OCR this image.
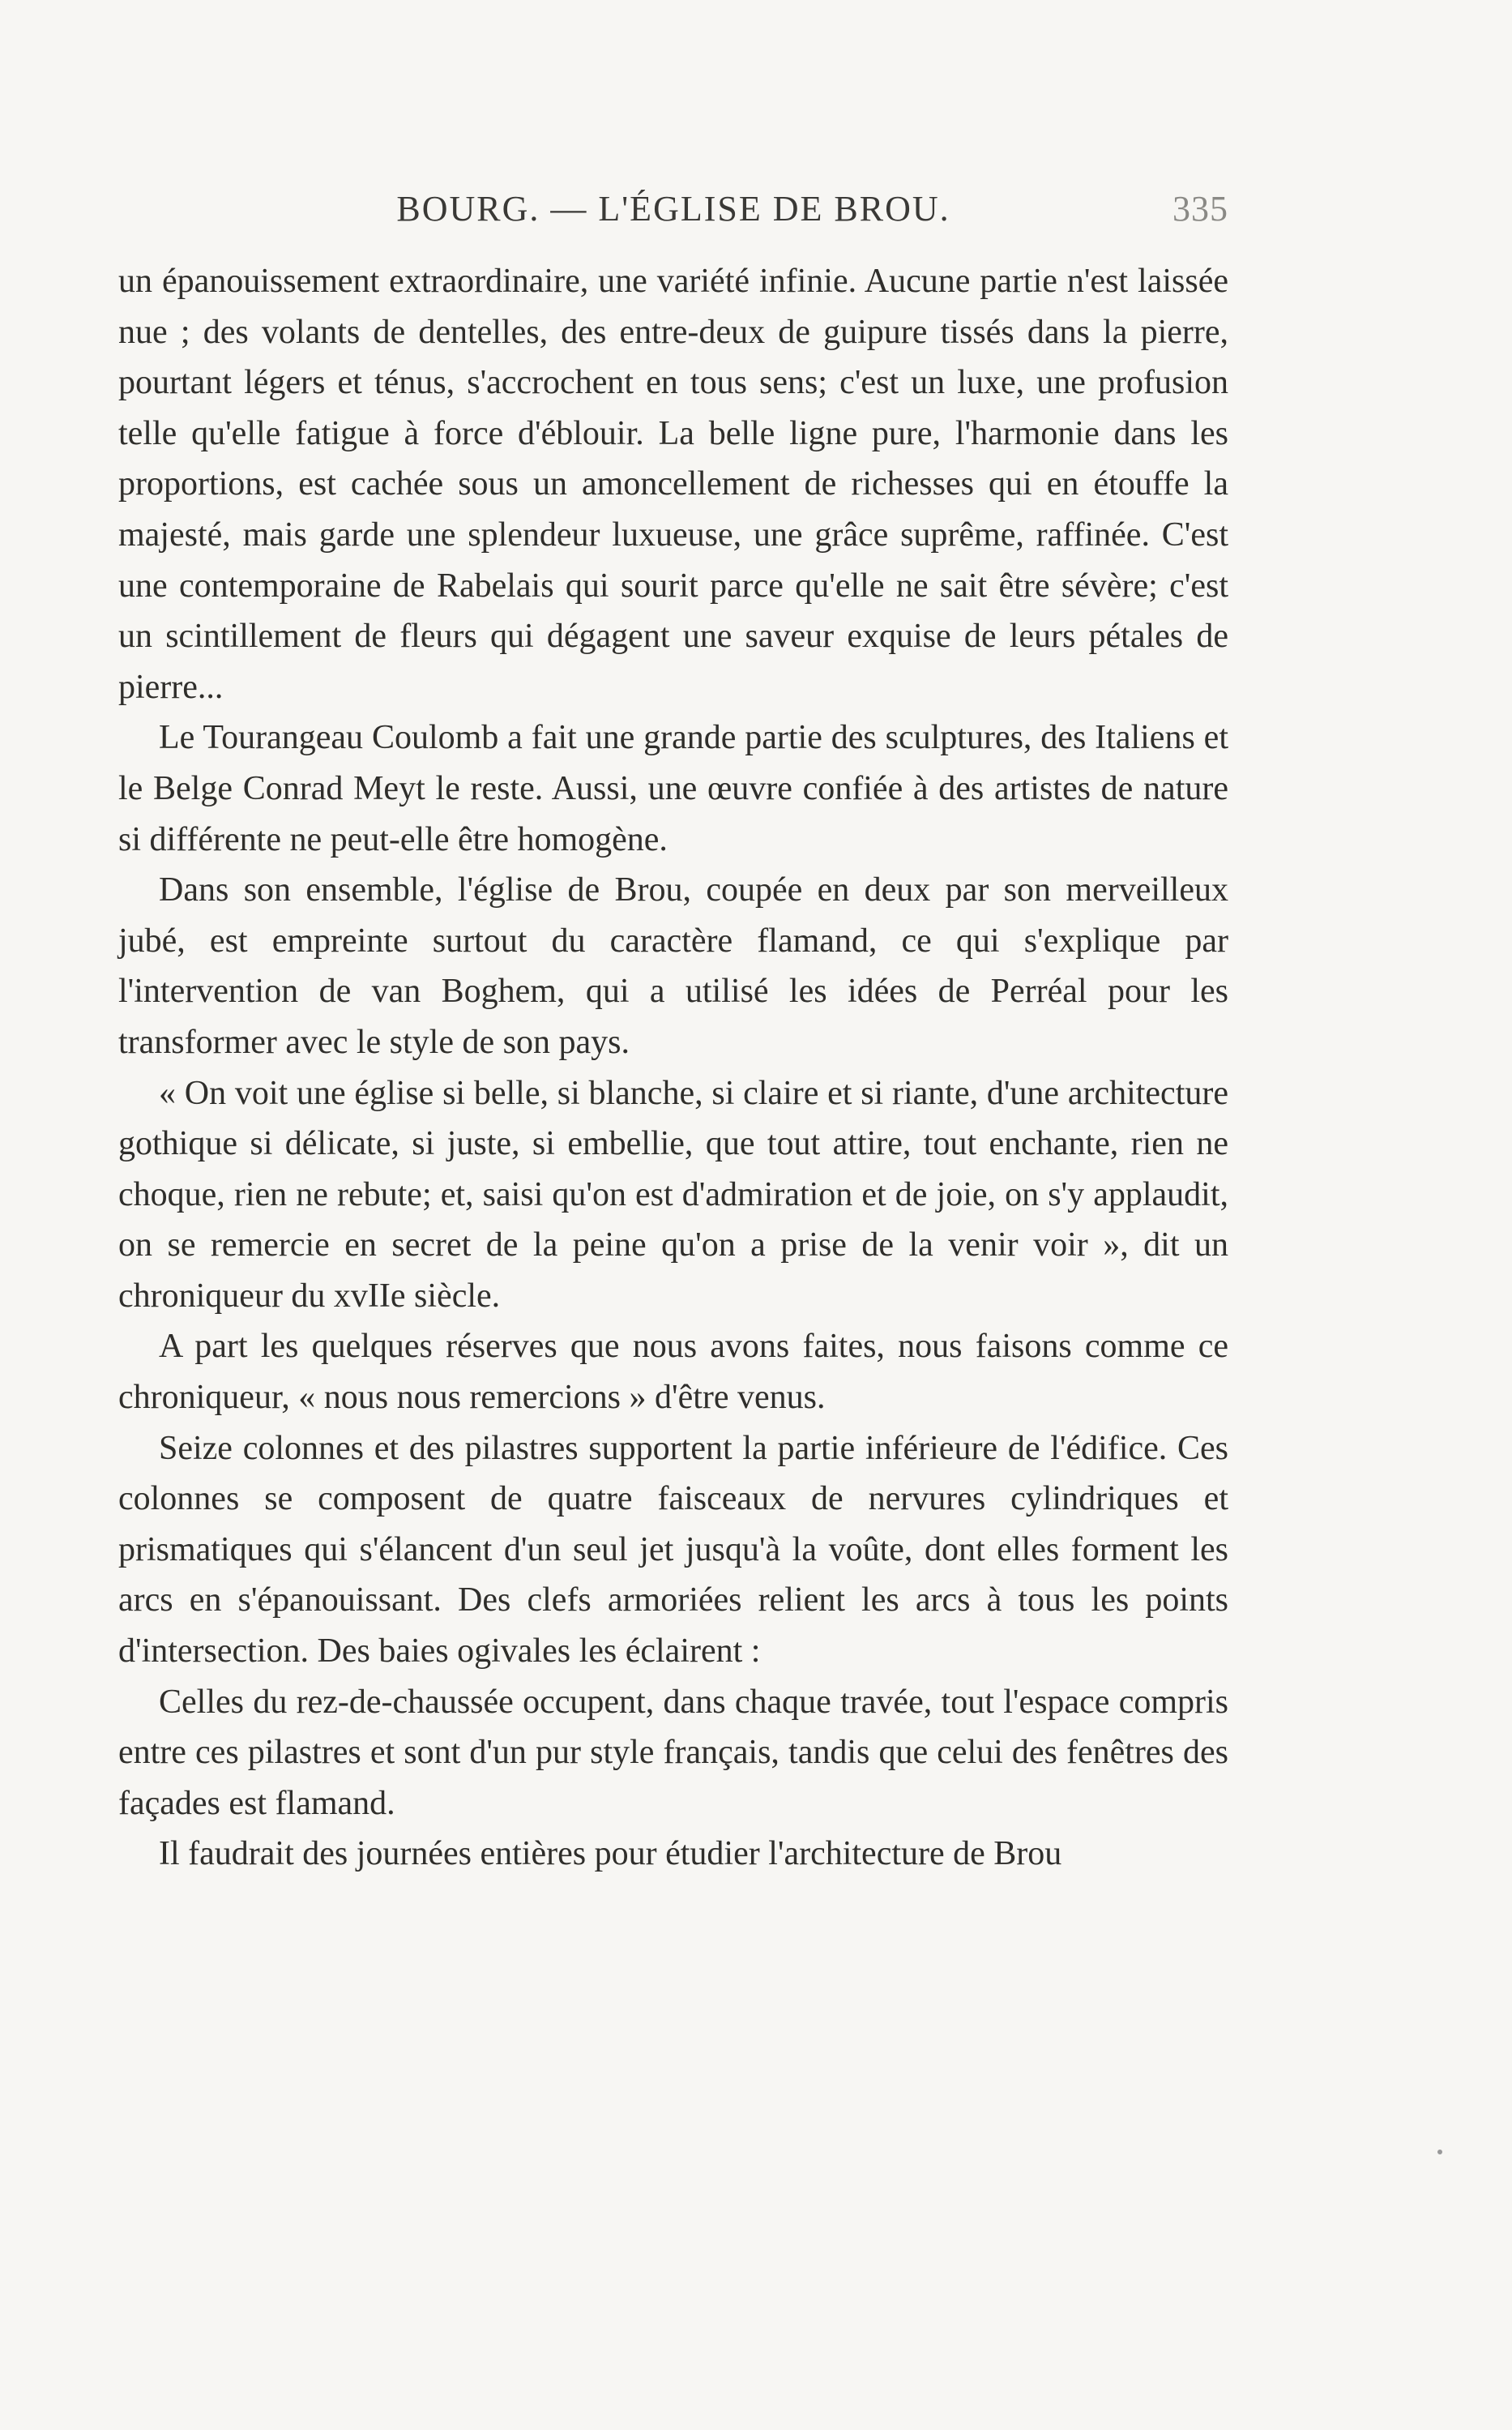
BOURG. — L'ÉGLISE DE BROU.	335

un épanouissement extraordinaire, une variété infinie. Aucune partie n'est laissée nue ; des volants de dentelles, des entre-deux de guipure tissés dans la pierre, pourtant légers et ténus, s'accrochent en tous sens; c'est un luxe, une profusion telle qu'elle fatigue à force d'éblouir. La belle ligne pure, l'harmonie dans les proportions, est cachée sous un amoncellement de richesses qui en étouffe la majesté, mais garde une splendeur luxueuse, une grâce suprême, raffinée. C'est une contemporaine de Rabelais qui sourit parce qu'elle ne sait être sévère; c'est un scintillement de fleurs qui dégagent une saveur exquise de leurs pétales de pierre...

Le Tourangeau Coulomb a fait une grande partie des sculptures, des Italiens et le Belge Conrad Meyt le reste. Aussi, une œuvre confiée à des artistes de nature si différente ne peut-elle être homogène.

Dans son ensemble, l'église de Brou, coupée en deux par son merveilleux jubé, est empreinte surtout du caractère flamand, ce qui s'explique par l'intervention de van Boghem, qui a utilisé les idées de Perréal pour les transformer avec le style de son pays.

« On voit une église si belle, si blanche, si claire et si riante, d'une architecture gothique si délicate, si juste, si embellie, que tout attire, tout enchante, rien ne choque, rien ne rebute; et, saisi qu'on est d'admiration et de joie, on s'y applaudit, on se remercie en secret de la peine qu'on a prise de la venir voir », dit un chroniqueur du xvIIe siècle.

A part les quelques réserves que nous avons faites, nous faisons comme ce chroniqueur, « nous nous remercions » d'être venus.

Seize colonnes et des pilastres supportent la partie inférieure de l'édifice. Ces colonnes se composent de quatre faisceaux de nervures cylindriques et prismatiques qui s'élancent d'un seul jet jusqu'à la voûte, dont elles forment les arcs en s'épanouissant. Des clefs armoriées relient les arcs à tous les points d'intersection. Des baies ogivales les éclairent :

Celles du rez-de-chaussée occupent, dans chaque travée, tout l'espace compris entre ces pilastres et sont d'un pur style français, tandis que celui des fenêtres des façades est flamand.

Il faudrait des journées entières pour étudier l'architecture de Brou
